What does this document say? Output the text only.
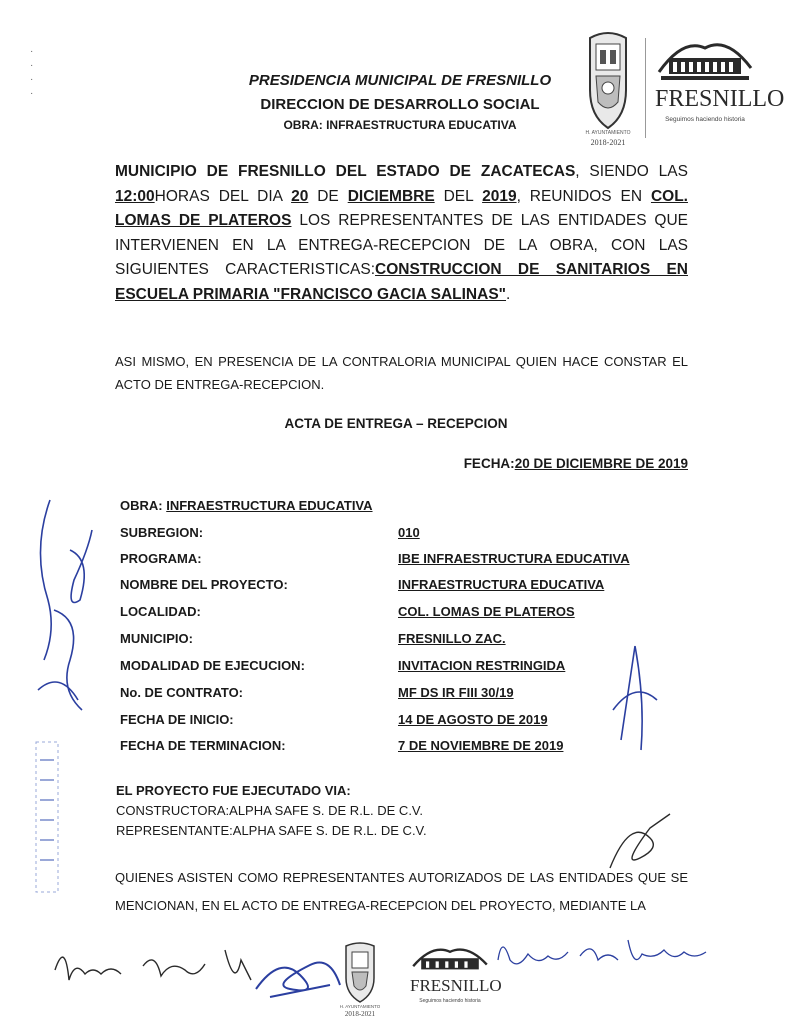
PRESIDENCIA MUNICIPAL DE FRESNILLO
DIRECCION DE DESARROLLO SOCIAL
OBRA: INFRAESTRUCTURA EDUCATIVA
H. AYUNTAMIENTO
2018-2021
FRESNILLO
Seguimos haciendo historia
·
·
·
·
MUNICIPIO DE FRESNILLO DEL ESTADO DE ZACATECAS, SIENDO LAS 12:00HORAS DEL DIA 20 DE DICIEMBRE DEL 2019, REUNIDOS EN COL. LOMAS DE PLATEROS LOS REPRESENTANTES DE LAS ENTIDADES QUE INTERVIENEN EN LA ENTREGA-RECEPCION DE LA OBRA, CON LAS SIGUIENTES CARACTERISTICAS:CONSTRUCCION DE SANITARIOS EN ESCUELA PRIMARIA "FRANCISCO GACIA SALINAS".
ASI MISMO, EN PRESENCIA DE LA CONTRALORIA MUNICIPAL QUIEN HACE CONSTAR EL ACTO DE ENTREGA-RECEPCION.
ACTA DE ENTREGA – RECEPCION
FECHA:20 DE DICIEMBRE DE 2019
OBRA: INFRAESTRUCTURA EDUCATIVA
SUBREGION:	010
PROGRAMA:	IBE INFRAESTRUCTURA EDUCATIVA
NOMBRE DEL PROYECTO:	INFRAESTRUCTURA EDUCATIVA
LOCALIDAD:	COL. LOMAS DE PLATEROS
MUNICIPIO:	FRESNILLO ZAC.
MODALIDAD DE EJECUCION:	INVITACION RESTRINGIDA
No. DE CONTRATO:	MF DS IR FIII 30/19
FECHA DE INICIO:	14 DE AGOSTO DE 2019
FECHA DE TERMINACION:	7 DE NOVIEMBRE DE 2019
EL PROYECTO FUE EJECUTADO VIA:
CONSTRUCTORA:ALPHA SAFE S. DE R.L. DE C.V.
REPRESENTANTE:ALPHA SAFE S. DE R.L. DE C.V.
QUIENES ASISTEN COMO REPRESENTANTES AUTORIZADOS DE LAS ENTIDADES QUE SE MENCIONAN, EN EL ACTO DE ENTREGA-RECEPCION DEL PROYECTO, MEDIANTE LA
H. AYUNTAMIENTO
2018-2021
FRESNILLO
Seguimos haciendo historia
